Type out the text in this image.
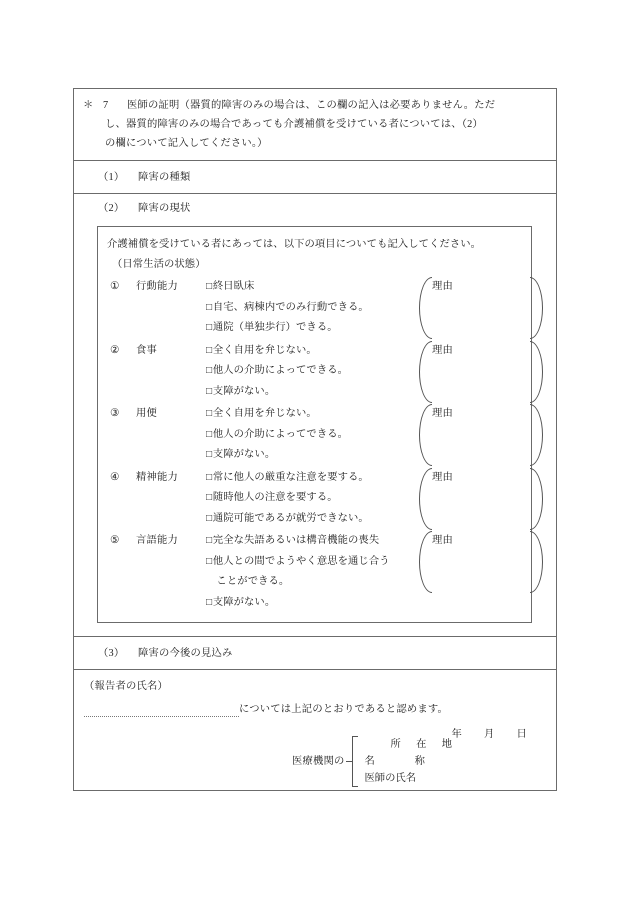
＊ 7 医師の証明（器質的障害のみの場合は、この欄の記入は必要ありません。ただ
し、器質的障害のみの場合であっても介護補償を受けている者については、（2）
の欄について記入してください。）
（1） 障害の種類
（2） 障害の現状
介護補償を受けている者にあっては、以下の項目についても記入してください。
（日常生活の状態）
①	行動能力	□終日臥床
□自宅、病棟内でのみ行動できる。
□通院（単独歩行）できる。
理由
②	食事	□全く自用を弁じない。
□他人の介助によってできる。
□支障がない。
理由
③	用便	□全く自用を弁じない。
□他人の介助によってできる。
□支障がない。
理由
④	精神能力	□常に他人の厳重な注意を要する。
□随時他人の注意を要する。
□通院可能であるが就労できない。
理由
⑤	言語能力	□完全な失語あるいは構音機能の喪失
□他人との間でようやく意思を通じ合う
ことができる。
□支障がない。
理由
（3） 障害の今後の見込み
（報告者の氏名）
については上記のとおりであると認めます。
年 月 日
医療機関の
所 在 地
名　　称
医師の氏名
